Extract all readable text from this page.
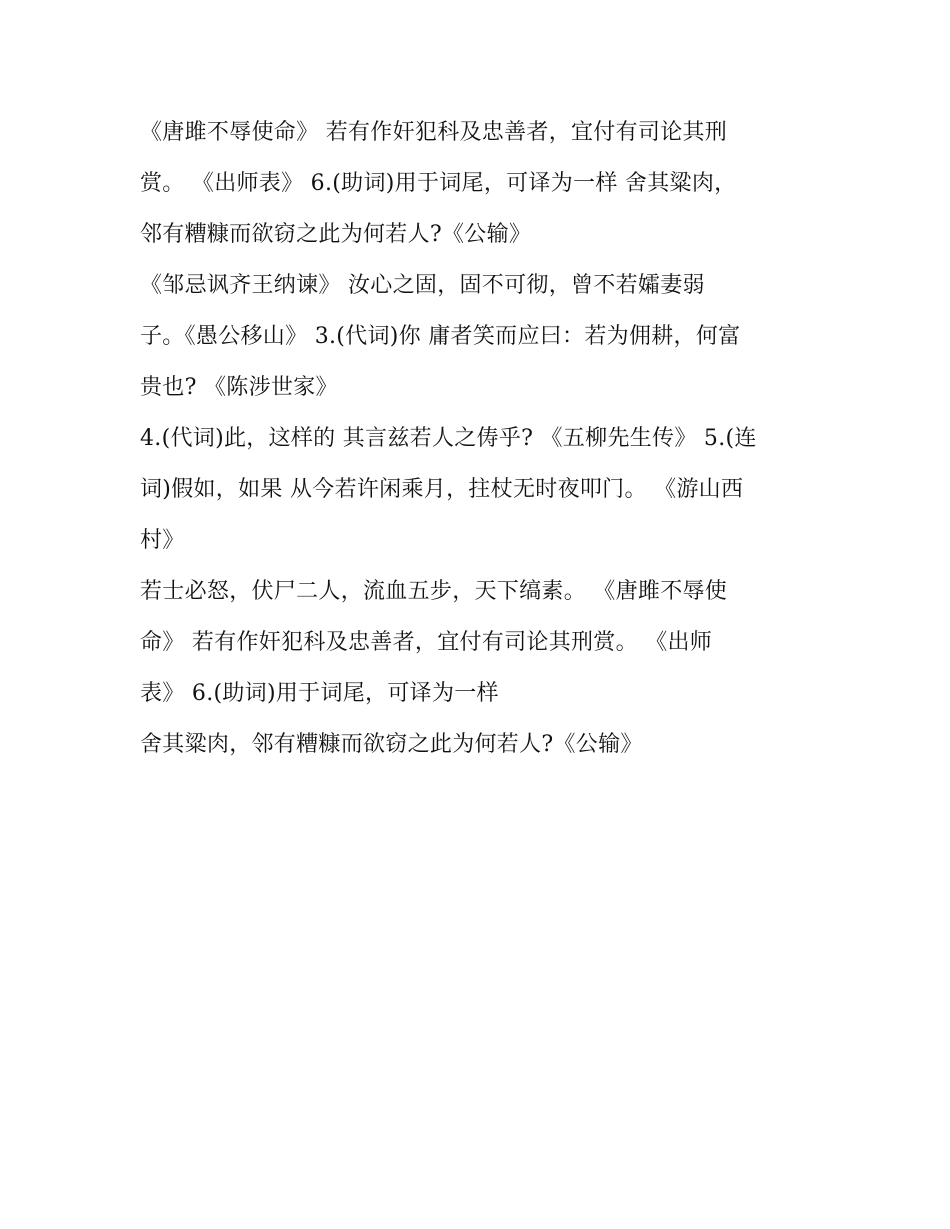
《唐雎不辱使命》 若有作奸犯科及忠善者，宜付有司论其刑
赏。 《出师表》 6.(助词)用于词尾，可译为一样 舍其粱肉，
邻有糟糠而欲窃之此为何若人?《公输》
《邹忌讽齐王纳谏》 汝心之固，固不可彻，曾不若孀妻弱
子。《愚公移山》 3.(代词)你 庸者笑而应曰：若为佣耕，何富
贵也? 《陈涉世家》
4.(代词)此，这样的 其言兹若人之俦乎? 《五柳先生传》 5.(连
词)假如，如果 从今若许闲乘月，拄杖无时夜叩门。 《游山西
村》
若士必怒，伏尸二人，流血五步，天下缟素。 《唐雎不辱使
命》 若有作奸犯科及忠善者，宜付有司论其刑赏。 《出师
表》 6.(助词)用于词尾，可译为一样
舍其粱肉，邻有糟糠而欲窃之此为何若人?《公输》
